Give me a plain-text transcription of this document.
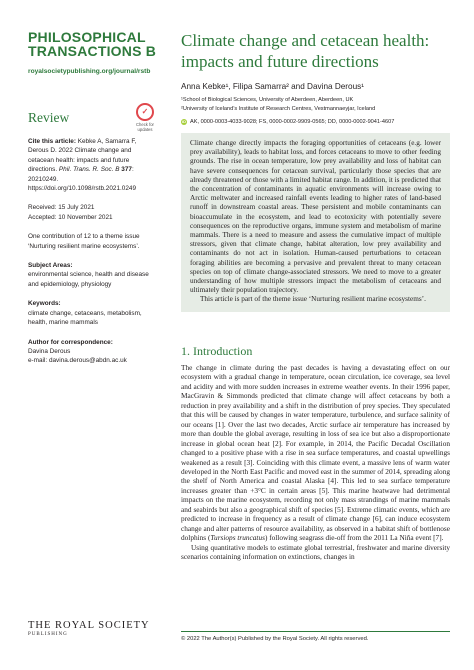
PHILOSOPHICAL
TRANSACTIONS B
royalsocietypublishing.org/journal/rstb
Review	✓
Check for
updates
Cite this article: Kebke A, Samarra F, Derous D. 2022 Climate change and cetacean health: impacts and future directions. Phil. Trans. R. Soc. B 377: 20210249. https://doi.org/10.1098/rstb.2021.0249
Received: 15 July 2021
Accepted: 10 November 2021
One contribution of 12 to a theme issue ‘Nurturing resilient marine ecosystems’.
Subject Areas:
environmental science, health and disease and epidemiology, physiology
Keywords:
climate change, cetaceans, metabolism, health, marine mammals
Author for correspondence:
Davina Derous
e-mail: davina.derous@abdn.ac.uk
THE ROYAL SOCIETY
PUBLISHING
Climate change and cetacean health: impacts and future directions
Anna Kebke¹, Filipa Samarra² and Davina Derous¹
¹School of Biological Sciences, University of Aberdeen, Aberdeen, UK
²University of Iceland’s Institute of Research Centres, Vestmannaeyjar, Iceland
iD AK, 0000-0003-4033-9028; FS, 0000-0002-9909-0565; DD, 0000-0002-9041-4607

Climate change directly impacts the foraging opportunities of cetaceans (e.g. lower prey availability), leads to habitat loss, and forces cetaceans to move to other feeding grounds. The rise in ocean temperature, low prey availability and loss of habitat can have severe consequences for cetacean survival, particularly those species that are already threatened or those with a limited habitat range. In addition, it is predicted that the concentration of contaminants in aquatic environments will increase owing to Arctic meltwater and increased rainfall events leading to higher rates of land-based runoff in downstream coastal areas. These persistent and mobile contaminants can bioaccumulate in the ecosystem, and lead to ecotoxicity with potentially severe consequences on the reproductive organs, immune system and metabolism of marine mammals. There is a need to measure and assess the cumulative impact of multiple stressors, given that climate change, habitat alteration, low prey availability and contaminants do not act in isolation. Human-caused perturbations to cetacean foraging abilities are becoming a pervasive and prevalent threat to many cetacean species on top of climate change-associated stressors. We need to move to a greater understanding of how multiple stressors impact the metabolism of cetaceans and ultimately their population trajectory.

This article is part of the theme issue ‘Nurturing resilient marine ecosystems’.

1. Introduction

The change in climate during the past decades is having a devastating effect on our ecosystem with a gradual change in temperature, ocean circulation, ice coverage, sea level and acidity and with more sudden increases in extreme weather events. In their 1996 paper, MacGravin & Simmonds predicted that climate change will affect cetaceans by both a reduction in prey availability and a shift in the distribution of prey species. They speculated that this will be caused by changes in water temperature, turbulence, and surface salinity of our oceans [1]. Over the last two decades, Arctic surface air temperature has increased by more than double the global average, resulting in loss of sea ice but also a disproportionate increase in global ocean heat [2]. For example, in 2014, the Pacific Decadal Oscillation changed to a positive phase with a rise in sea surface temperatures, and coastal upwellings weakened as a result [3]. Coinciding with this climate event, a massive lens of warm water developed in the North East Pacific and moved east in the summer of 2014, spreading along the shelf of North America and coastal Alaska [4]. This led to sea surface temperature increases greater than +3°C in certain areas [5]. This marine heatwave had detrimental impacts on the marine ecosystem, recording not only mass strandings of marine mammals and seabirds but also a geographical shift of species [5]. Extreme climatic events, which are predicted to increase in frequency as a result of climate change [6], can induce ecosystem change and alter patterns of resource availability, as observed in a habitat shift of bottlenose dolphins (Tursiops truncatus) following seagrass die-off from the 2011 La Niña event [7].

Using quantitative models to estimate global terrestrial, freshwater and marine diversity scenarios containing information on extinctions, changes in

© 2022 The Author(s) Published by the Royal Society. All rights reserved.
